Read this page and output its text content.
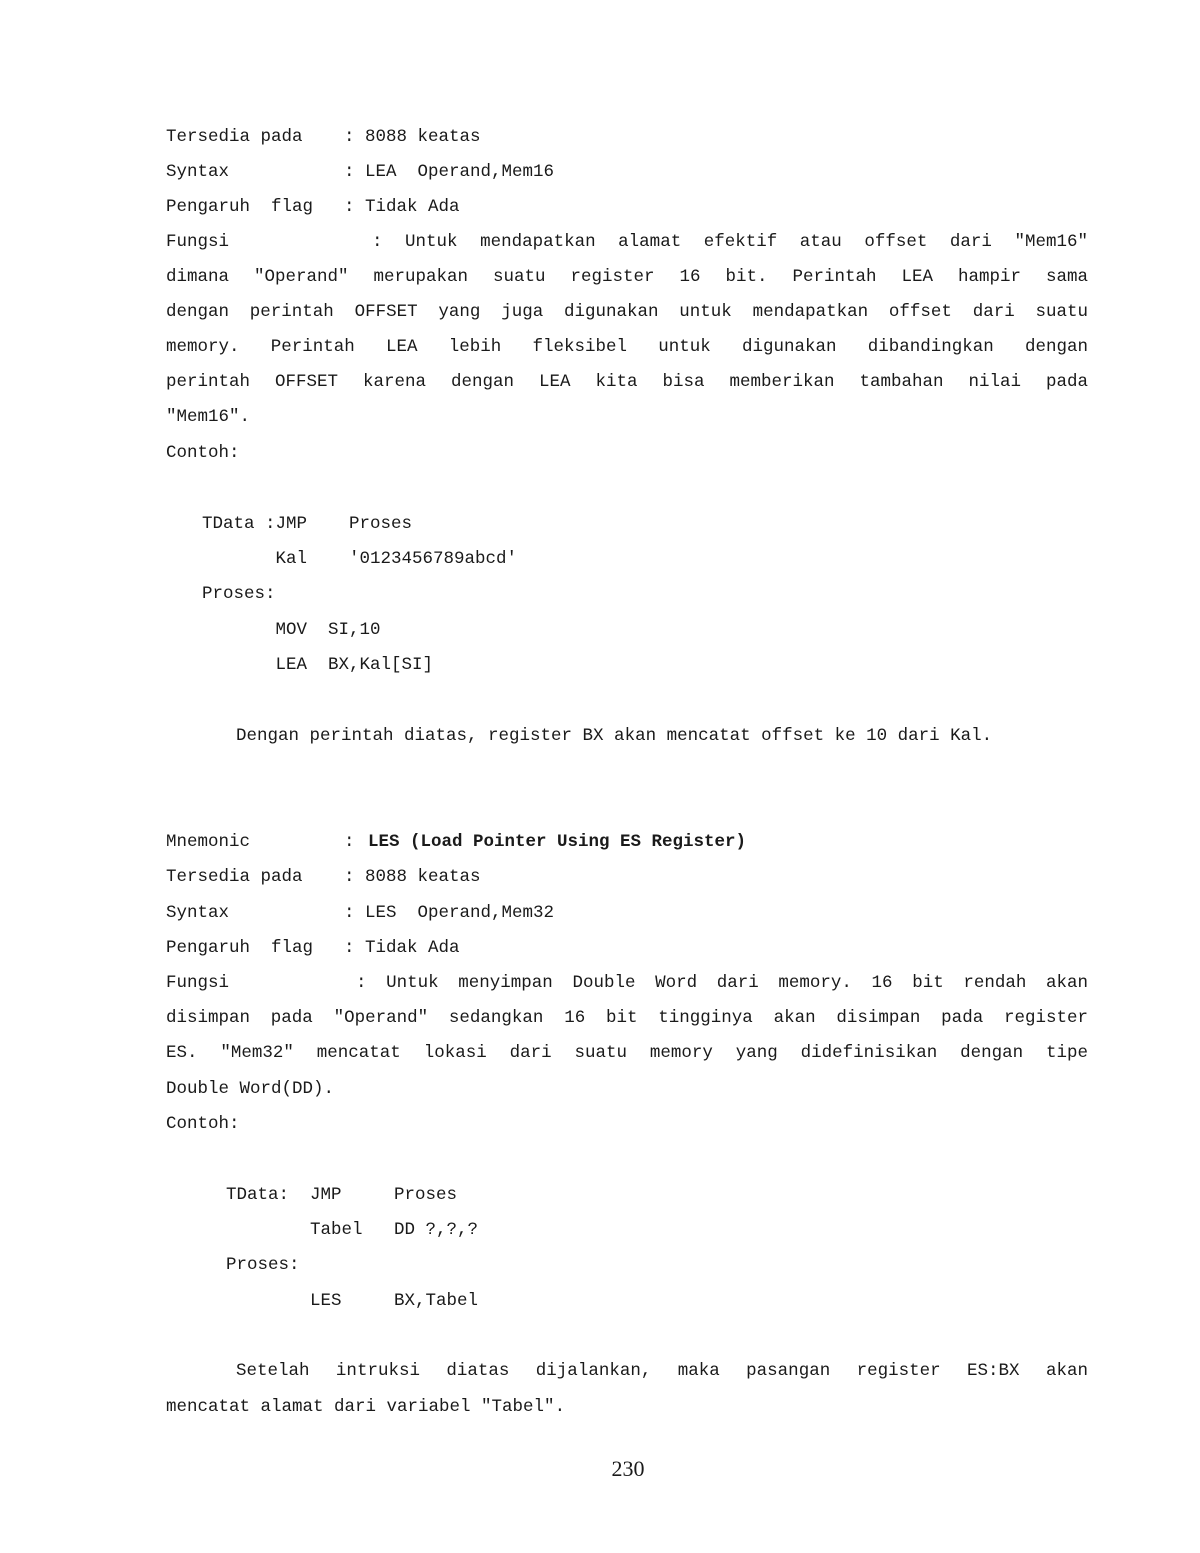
Tersedia pada : 8088 keatas
Syntax	: LEA  Operand,Mem16
Pengaruh  flag : Tidak Ada
Fungsi	: Untuk mendapatkan alamat efektif atau offset dari "Mem16"
dimana "Operand" merupakan suatu register 16 bit. Perintah LEA hampir sama
dengan perintah OFFSET yang juga digunakan untuk mendapatkan offset dari suatu
memory. Perintah LEA lebih fleksibel untuk digunakan dibandingkan dengan
perintah OFFSET karena dengan LEA kita bisa memberikan tambahan nilai pada
"Mem16".
Contoh:
TData :JMP    Proses
Kal    '0123456789abcd'
Proses:
MOV  SI,10
LEA  BX,Kal[SI]
Dengan perintah diatas, register BX akan mencatat offset ke 10 dari Kal.
Mnemonic	: LES (Load Pointer Using ES Register)
Tersedia pada : 8088 keatas
Syntax	: LES  Operand,Mem32
Pengaruh  flag : Tidak Ada
Fungsi	: Untuk menyimpan Double Word dari memory. 16 bit rendah akan
disimpan pada "Operand" sedangkan 16 bit tingginya akan disimpan pada register
ES. "Mem32" mencatat lokasi dari suatu memory yang didefinisikan dengan tipe
Double Word(DD).
Contoh:
TData:  JMP     Proses
Tabel   DD ?,?,?
Proses:
LES     BX,Tabel
Setelah intruksi diatas dijalankan, maka pasangan register ES:BX akan
mencatat alamat dari variabel "Tabel".
230
